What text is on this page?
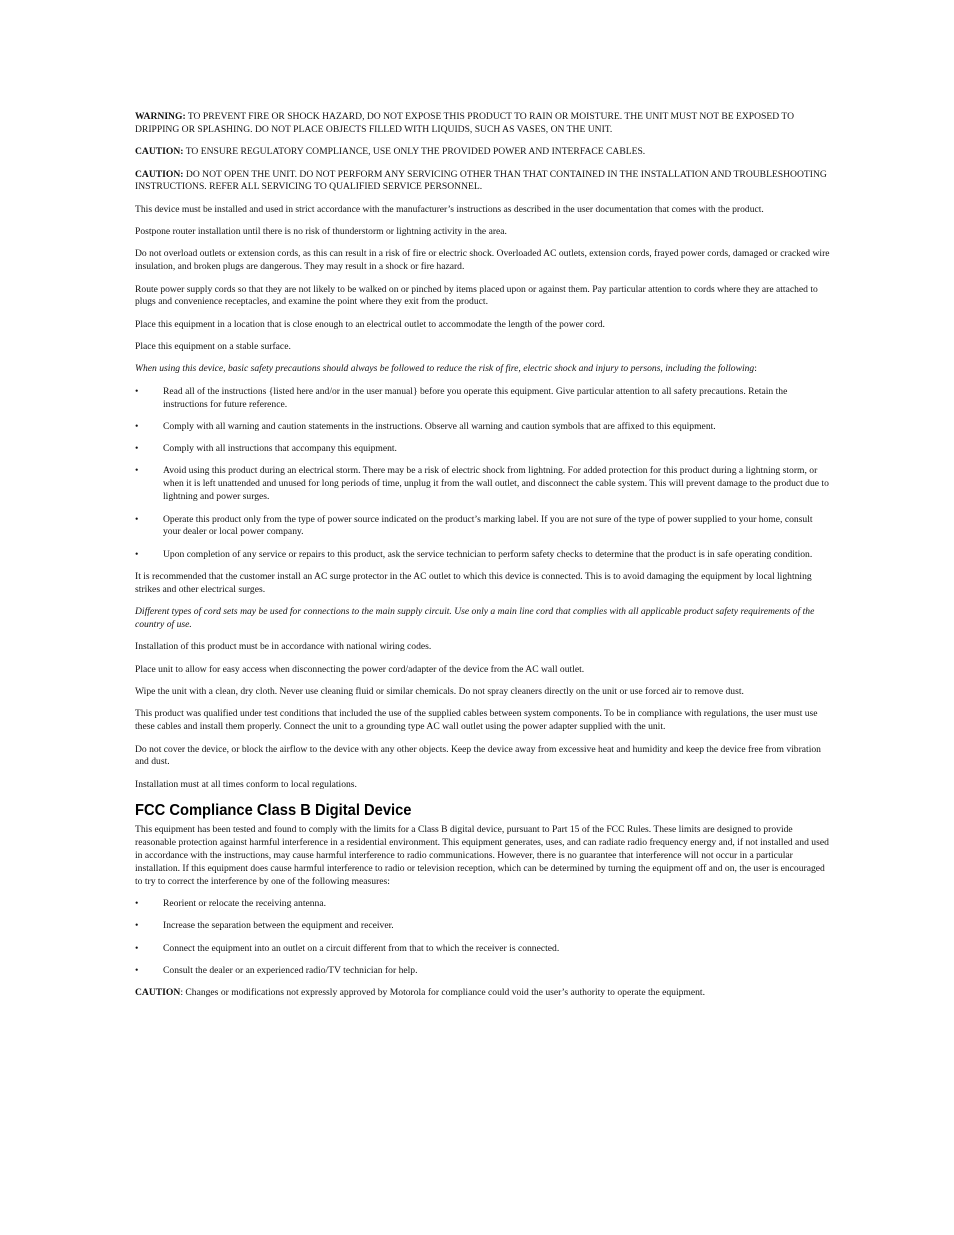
WARNING: TO PREVENT FIRE OR SHOCK HAZARD, DO NOT EXPOSE THIS PRODUCT TO RAIN OR MOISTURE. THE UNIT MUST NOT BE EXPOSED TO DRIPPING OR SPLASHING. DO NOT PLACE OBJECTS FILLED WITH LIQUIDS, SUCH AS VASES, ON THE UNIT.

CAUTION: TO ENSURE REGULATORY COMPLIANCE, USE ONLY THE PROVIDED POWER AND INTERFACE CABLES.

CAUTION: DO NOT OPEN THE UNIT. DO NOT PERFORM ANY SERVICING OTHER THAN THAT CONTAINED IN THE INSTALLATION AND TROUBLESHOOTING INSTRUCTIONS. REFER ALL SERVICING TO QUALIFIED SERVICE PERSONNEL.

This device must be installed and used in strict accordance with the manufacturer’s instructions as described in the user documentation that comes with the product.

Postpone router installation until there is no risk of thunderstorm or lightning activity in the area.

Do not overload outlets or extension cords, as this can result in a risk of fire or electric shock. Overloaded AC outlets, extension cords, frayed power cords, damaged or cracked wire insulation, and broken plugs are dangerous. They may result in a shock or fire hazard.

Route power supply cords so that they are not likely to be walked on or pinched by items placed upon or against them. Pay particular attention to cords where they are attached to plugs and convenience receptacles, and examine the point where they exit from the product.

Place this equipment in a location that is close enough to an electrical outlet to accommodate the length of the power cord.

Place this equipment on a stable surface.

When using this device, basic safety precautions should always be followed to reduce the risk of fire, electric shock and injury to persons, including the following:

•	Read all of the instructions {listed here and/or in the user manual} before you operate this equipment. Give particular attention to all safety precautions. Retain the instructions for future reference.
•	Comply with all warning and caution statements in the instructions. Observe all warning and caution symbols that are affixed to this equipment.
•	Comply with all instructions that accompany this equipment.
•	Avoid using this product during an electrical storm. There may be a risk of electric shock from lightning. For added protection for this product during a lightning storm, or when it is left unattended and unused for long periods of time, unplug it from the wall outlet, and disconnect the cable system. This will prevent damage to the product due to lightning and power surges.
•	Operate this product only from the type of power source indicated on the product’s marking label. If you are not sure of the type of power supplied to your home, consult your dealer or local power company.
•	Upon completion of any service or repairs to this product, ask the service technician to perform safety checks to determine that the product is in safe operating condition.

It is recommended that the customer install an AC surge protector in the AC outlet to which this device is connected. This is to avoid damaging the equipment by local lightning strikes and other electrical surges.

Different types of cord sets may be used for connections to the main supply circuit. Use only a main line cord that complies with all applicable product safety requirements of the country of use.

Installation of this product must be in accordance with national wiring codes.

Place unit to allow for easy access when disconnecting the power cord/adapter of the device from the AC wall outlet.

Wipe the unit with a clean, dry cloth. Never use cleaning fluid or similar chemicals. Do not spray cleaners directly on the unit or use forced air to remove dust.

This product was qualified under test conditions that included the use of the supplied cables between system components. To be in compliance with regulations, the user must use these cables and install them properly. Connect the unit to a grounding type AC wall outlet using the power adapter supplied with the unit.

Do not cover the device, or block the airflow to the device with any other objects. Keep the device away from excessive heat and humidity and keep the device free from vibration and dust.

Installation must at all times conform to local regulations.

FCC Compliance Class B Digital Device

This equipment has been tested and found to comply with the limits for a Class B digital device, pursuant to Part 15 of the FCC Rules. These limits are designed to provide reasonable protection against harmful interference in a residential environment. This equipment generates, uses, and can radiate radio frequency energy and, if not installed and used in accordance with the instructions, may cause harmful interference to radio communications. However, there is no guarantee that interference will not occur in a particular installation. If this equipment does cause harmful interference to radio or television reception, which can be determined by turning the equipment off and on, the user is encouraged to try to correct the interference by one of the following measures:

•	Reorient or relocate the receiving antenna.
•	Increase the separation between the equipment and receiver.
•	Connect the equipment into an outlet on a circuit different from that to which the receiver is connected.
•	Consult the dealer or an experienced radio/TV technician for help.

CAUTION: Changes or modifications not expressly approved by Motorola for compliance could void the user’s authority to operate the equipment.
